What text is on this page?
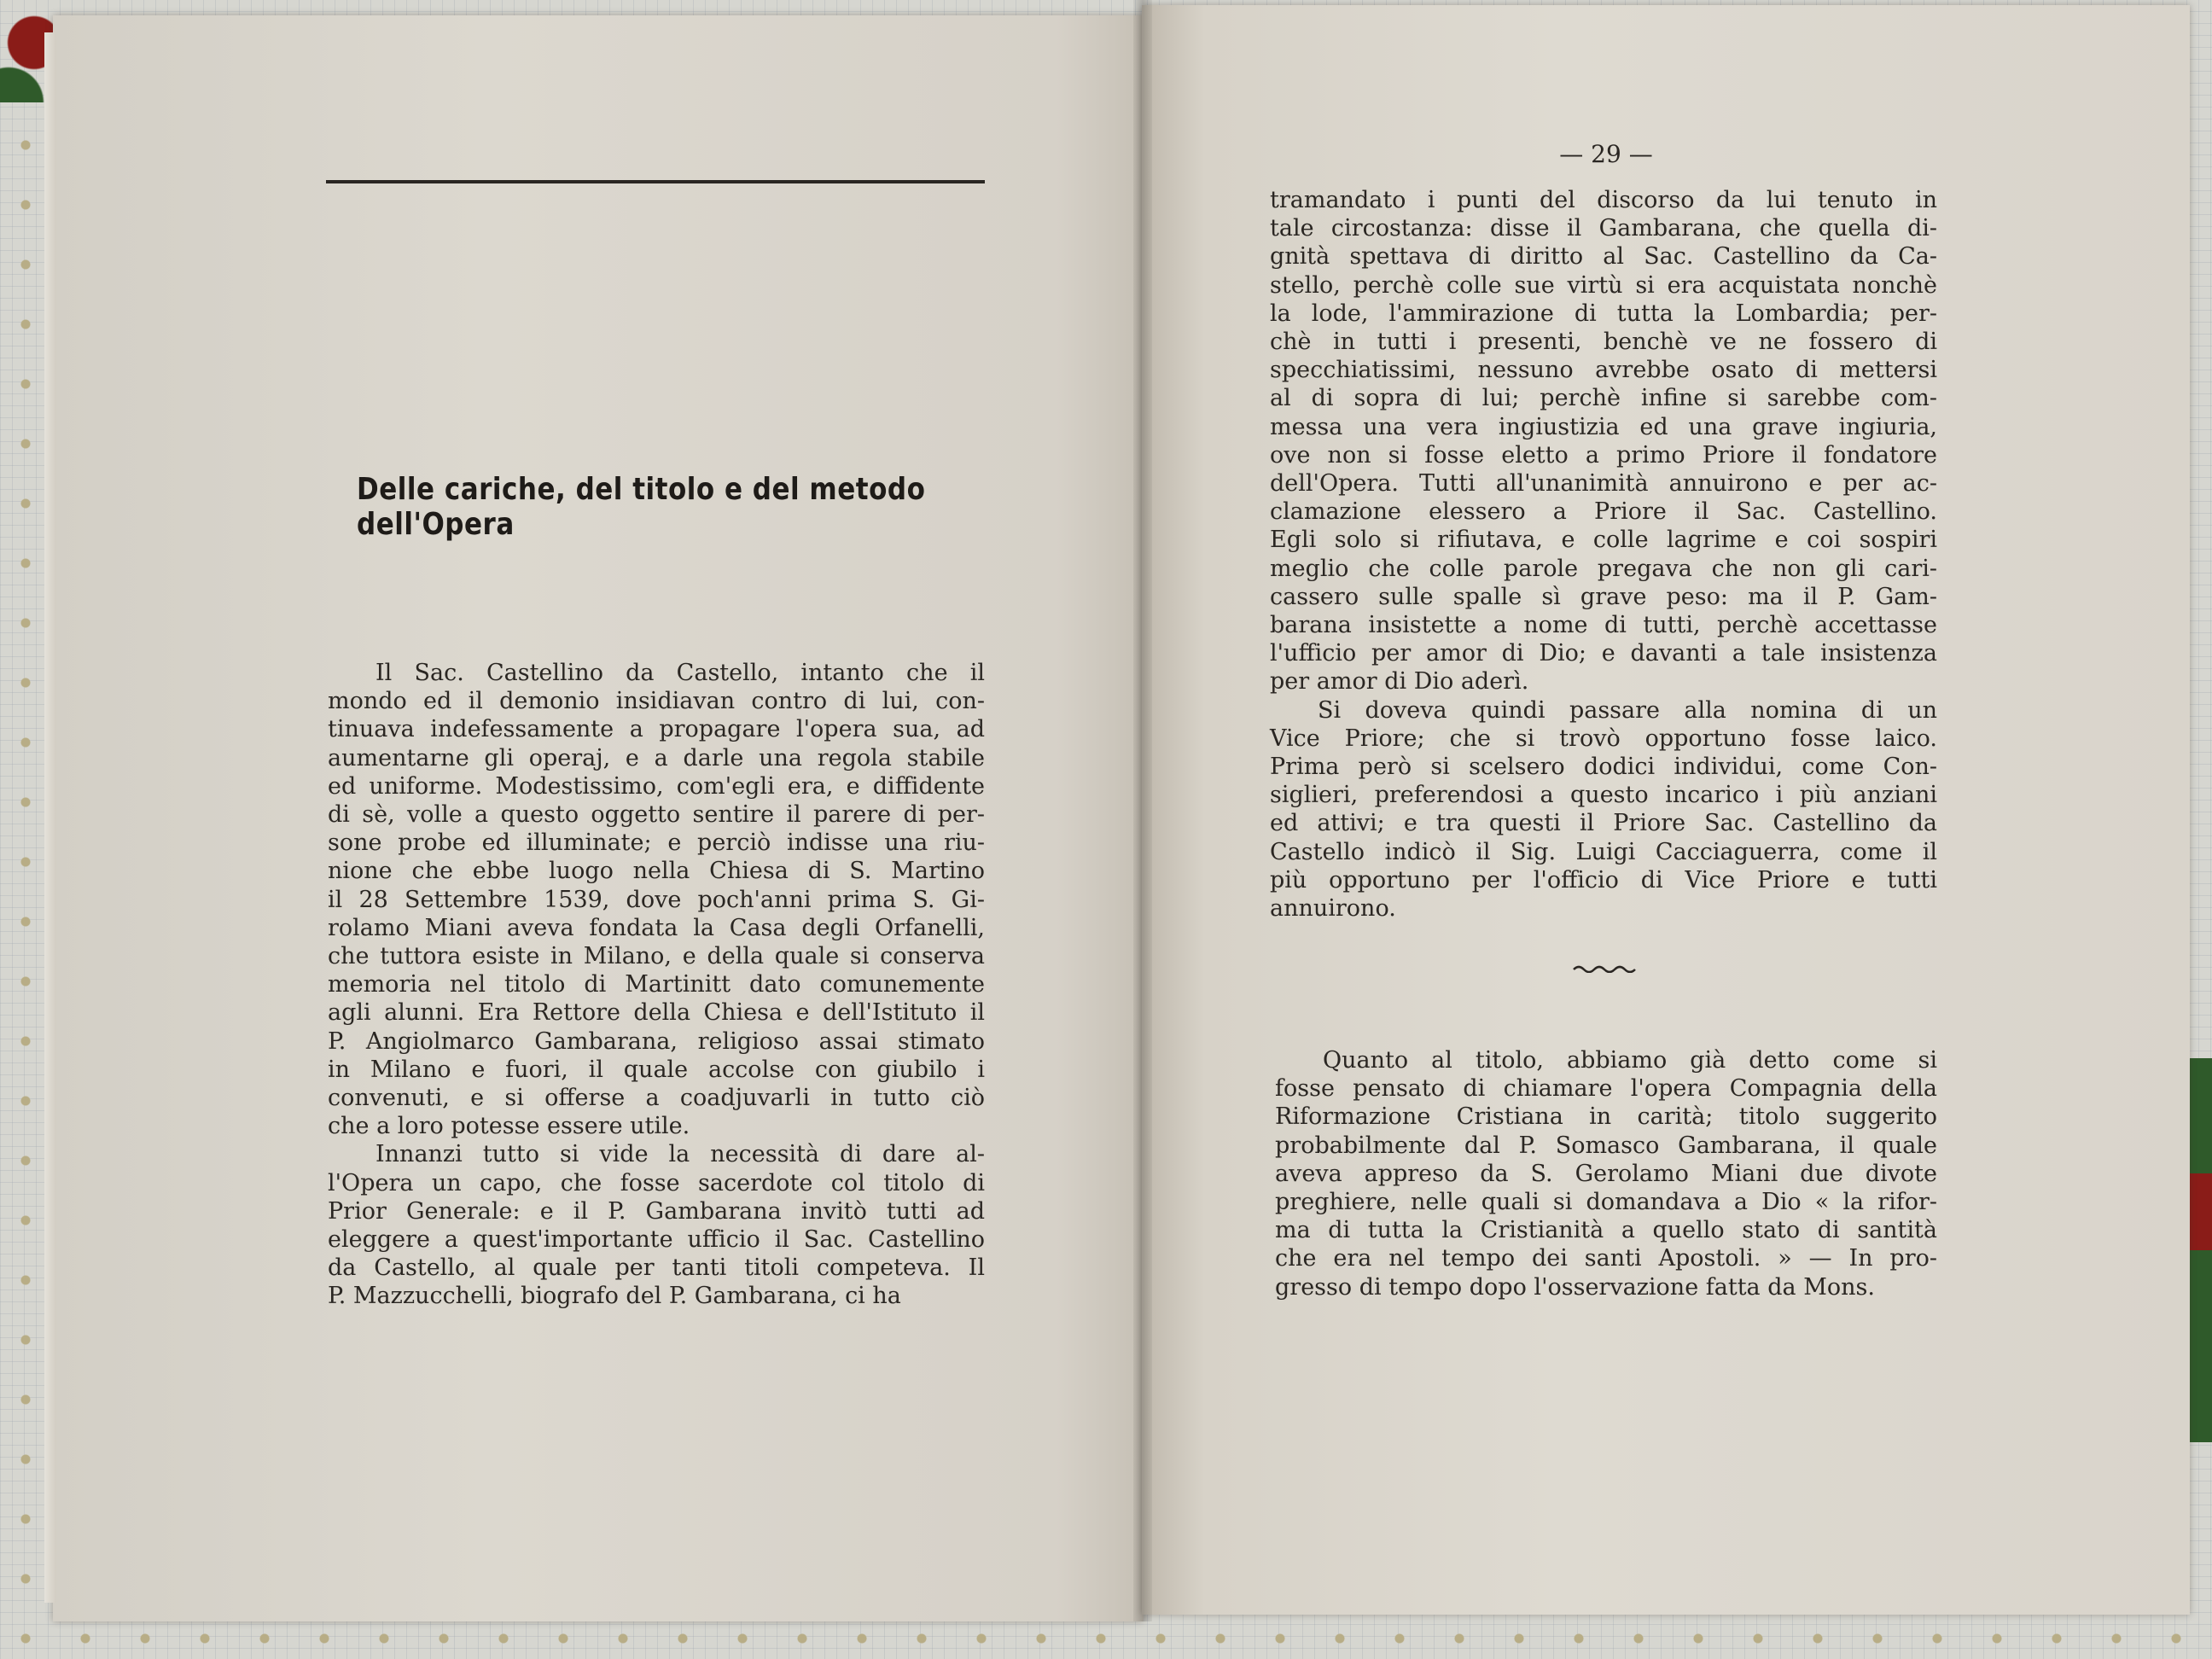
Delle cariche, del titolo e del metodo dell'Opera
Il Sac. Castellino da Castello, intanto che il
mondo ed il demonio insidiavan contro di lui, con-
tinuava indefessamente a propagare l'opera sua, ad
aumentarne gli operaj, e a darle una regola stabile
ed uniforme. Modestissimo, com'egli era, e diffidente
di sè, volle a questo oggetto sentire il parere di per-
sone probe ed illuminate; e perciò indisse una riu-
nione che ebbe luogo nella Chiesa di S. Martino
il 28 Settembre 1539, dove poch'anni prima S. Gi-
rolamo Miani aveva fondata la Casa degli Orfanelli,
che tuttora esiste in Milano, e della quale si conserva
memoria nel titolo di Martinitt dato comunemente
agli alunni. Era Rettore della Chiesa e dell'Istituto il
P. Angiolmarco Gambarana, religioso assai stimato
in Milano e fuori, il quale accolse con giubilo i
convenuti, e si offerse a coadjuvarli in tutto ciò
che a loro potesse essere utile.
Innanzi tutto si vide la necessità di dare al-
l'Opera un capo, che fosse sacerdote col titolo di
Prior Generale: e il P. Gambarana invitò tutti ad
eleggere a quest'importante ufficio il Sac. Castellino
da Castello, al quale per tanti titoli competeva. Il
P. Mazzucchelli, biografo del P. Gambarana, ci ha
— 29 —
tramandato i punti del discorso da lui tenuto in
tale circostanza: disse il Gambarana, che quella di-
gnità spettava di diritto al Sac. Castellino da Ca-
stello, perchè colle sue virtù si era acquistata nonchè
la lode, l'ammirazione di tutta la Lombardia; per-
chè in tutti i presenti, benchè ve ne fossero di
specchiatissimi, nessuno avrebbe osato di mettersi
al di sopra di lui; perchè infine si sarebbe com-
messa una vera ingiustizia ed una grave ingiuria,
ove non si fosse eletto a primo Priore il fondatore
dell'Opera. Tutti all'unanimità annuirono e per ac-
clamazione elessero a Priore il Sac. Castellino.
Egli solo si rifiutava, e colle lagrime e coi sospiri
meglio che colle parole pregava che non gli cari-
cassero sulle spalle sì grave peso: ma il P. Gam-
barana insistette a nome di tutti, perchè accettasse
l'ufficio per amor di Dio; e davanti a tale insistenza
per amor di Dio aderì.
Si doveva quindi passare alla nomina di un
Vice Priore; che si trovò opportuno fosse laico.
Prima però si scelsero dodici individui, come Con-
siglieri, preferendosi a questo incarico i più anziani
ed attivi; e tra questi il Priore Sac. Castellino da
Castello indicò il Sig. Luigi Cacciaguerra, come il
più opportuno per l'officio di Vice Priore e tutti
annuirono.
Quanto al titolo, abbiamo già detto come si
fosse pensato di chiamare l'opera Compagnia della
Riformazione Cristiana in carità; titolo suggerito
probabilmente dal P. Somasco Gambarana, il quale
aveva appreso da S. Gerolamo Miani due divote
preghiere, nelle quali si domandava a Dio « la rifor-
ma di tutta la Cristianità a quello stato di santità
che era nel tempo dei santi Apostoli. » — In pro-
gresso di tempo dopo l'osservazione fatta da Mons.
